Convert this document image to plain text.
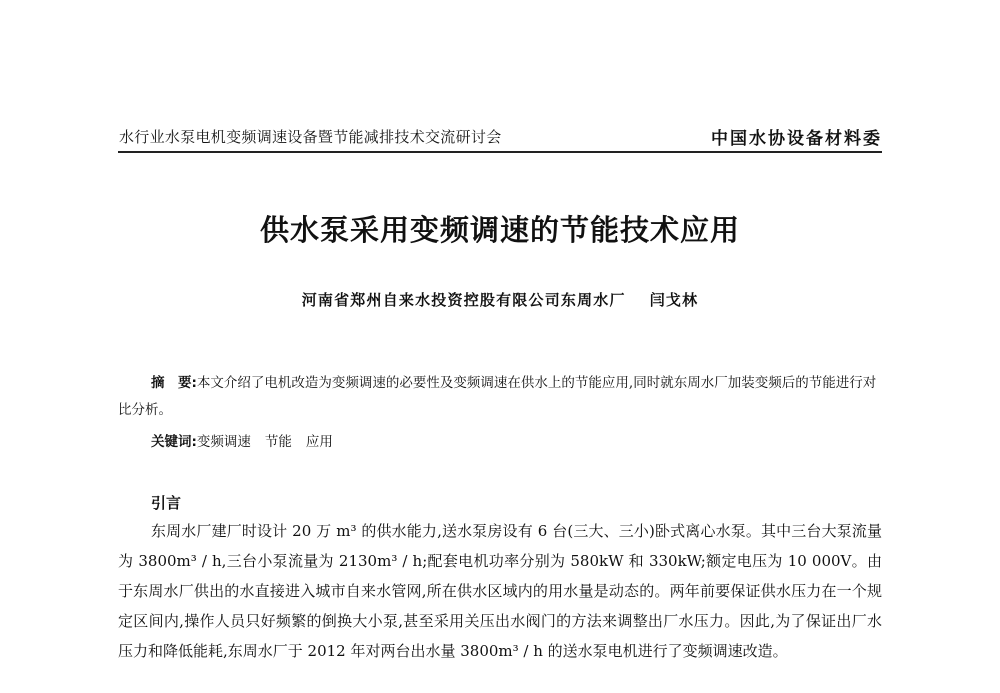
水行业水泵电机变频调速设备暨节能减排技术交流研讨会	中国水协设备材料委
供水泵采用变频调速的节能技术应用
河南省郑州自来水投资控股有限公司东周水厂 闫戈林
摘　要:本文介绍了电机改造为变频调速的必要性及变频调速在供水上的节能应用,同时就东周水厂加装变频后的节能进行对比分析。
关键词:变频调速 节能 应用
引言

东周水厂建厂时设计 20 万 m³ 的供水能力,送水泵房设有 6 台(三大、三小)卧式离心水泵。其中三台大泵流量为 3800m³ / h,三台小泵流量为 2130m³ / h;配套电机功率分别为 580kW 和 330kW;额定电压为 10 000V。由于东周水厂供出的水直接进入城市自来水管网,所在供水区域内的用水量是动态的。两年前要保证供水压力在一个规定区间内,操作人员只好频繁的倒换大小泵,甚至采用关压出水阀门的方法来调整出厂水压力。因此,为了保证出厂水压力和降低能耗,东周水厂于 2012 年对两台出水量 3800m³ / h 的送水泵电机进行了变频调速改造。
